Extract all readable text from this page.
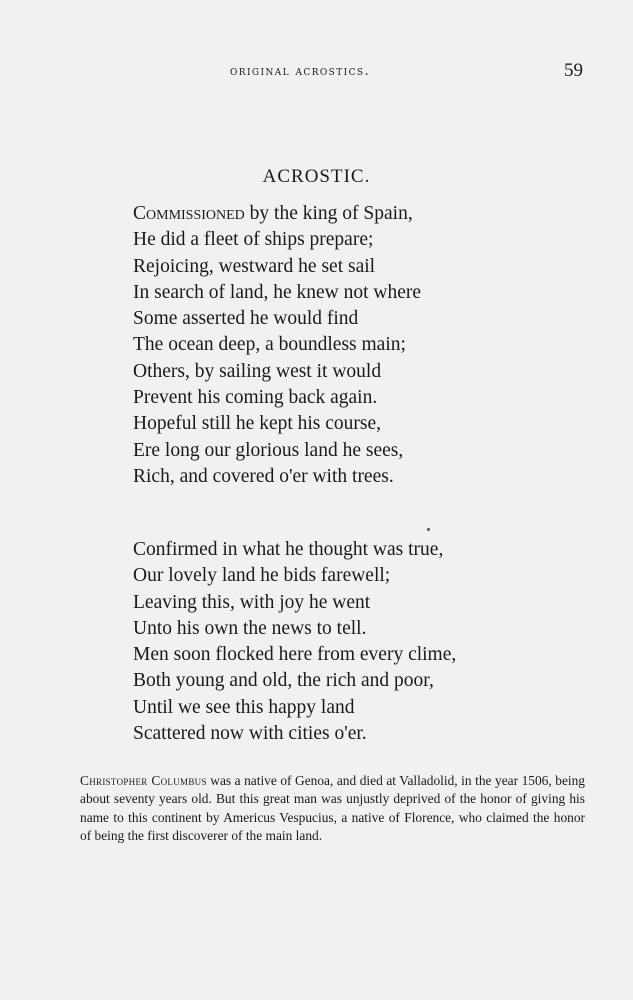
original acrostics.	59
ACROSTIC.
Commissioned by the king of Spain,
He did a fleet of ships prepare;
Rejoicing, westward he set sail
In search of land, he knew not where
Some asserted he would find
The ocean deep, a boundless main;
Others, by sailing west it would
Prevent his coming back again.
Hopeful still he kept his course,
Ere long our glorious land he sees,
Rich, and covered o'er with trees.
Confirmed in what he thought was true,
Our lovely land he bids farewell;
Leaving this, with joy he went
Unto his own the news to tell.
Men soon flocked here from every clime,
Both young and old, the rich and poor,
Until we see this happy land
Scattered now with cities o'er.

Christopher Columbus was a native of Genoa, and died at Valladolid, in the year 1506, being about seventy years old. But this great man was unjustly deprived of the honor of giving his name to this continent by Americus Vespucius, a native of Florence, who claimed the honor of being the first discoverer of the main land.
